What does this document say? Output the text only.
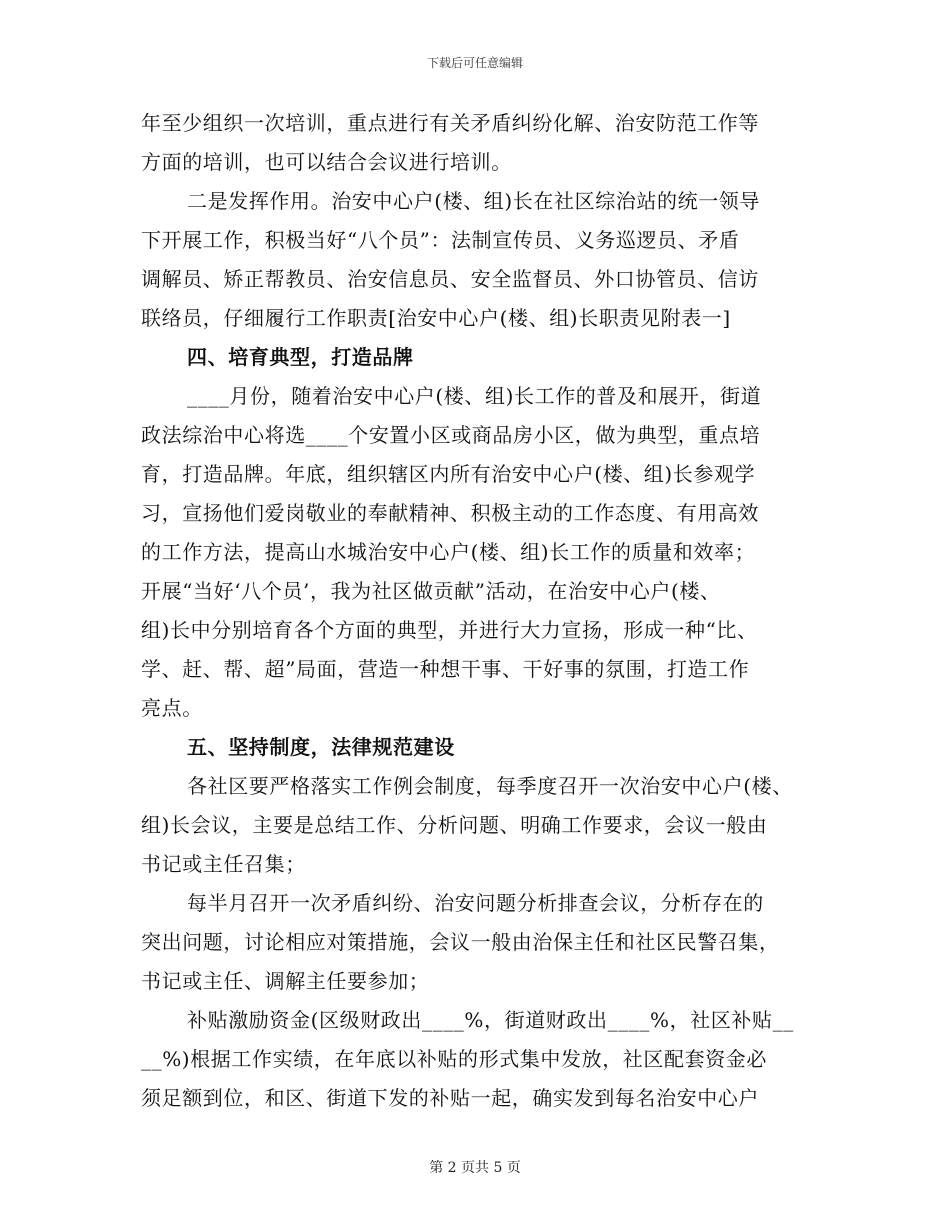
下载后可任意编辑
年至少组织一次培训，重点进行有关矛盾纠纷化解、治安防范工作等
方面的培训，也可以结合会议进行培训。
二是发挥作用。治安中心户(楼、组)长在社区综治站的统一领导
下开展工作，积极当好“八个员”：法制宣传员、义务巡逻员、矛盾
调解员、矫正帮教员、治安信息员、安全监督员、外口协管员、信访
联络员，仔细履行工作职责[治安中心户(楼、组)长职责见附表一]
四、培育典型，打造品牌
____月份，随着治安中心户(楼、组)长工作的普及和展开，街道
政法综治中心将选____个安置小区或商品房小区，做为典型，重点培
育，打造品牌。年底，组织辖区内所有治安中心户(楼、组)长参观学
习，宣扬他们爱岗敬业的奉献精神、积极主动的工作态度、有用高效
的工作方法，提高山水城治安中心户(楼、组)长工作的质量和效率；
开展“当好‘八个员’，我为社区做贡献”活动，在治安中心户(楼、
组)长中分别培育各个方面的典型，并进行大力宣扬，形成一种“比、
学、赶、帮、超”局面，营造一种想干事、干好事的氛围，打造工作
亮点。
五、坚持制度，法律规范建设
各社区要严格落实工作例会制度，每季度召开一次治安中心户(楼、
组)长会议，主要是总结工作、分析问题、明确工作要求，会议一般由
书记或主任召集；
每半月召开一次矛盾纠纷、治安问题分析排查会议，分析存在的
突出问题，讨论相应对策措施，会议一般由治保主任和社区民警召集，
书记或主任、调解主任要参加；
补贴激励资金(区级财政出____%，街道财政出____%，社区补贴__
__%)根据工作实绩，在年底以补贴的形式集中发放，社区配套资金必
须足额到位，和区、街道下发的补贴一起，确实发到每名治安中心户
第 2 页共 5 页
